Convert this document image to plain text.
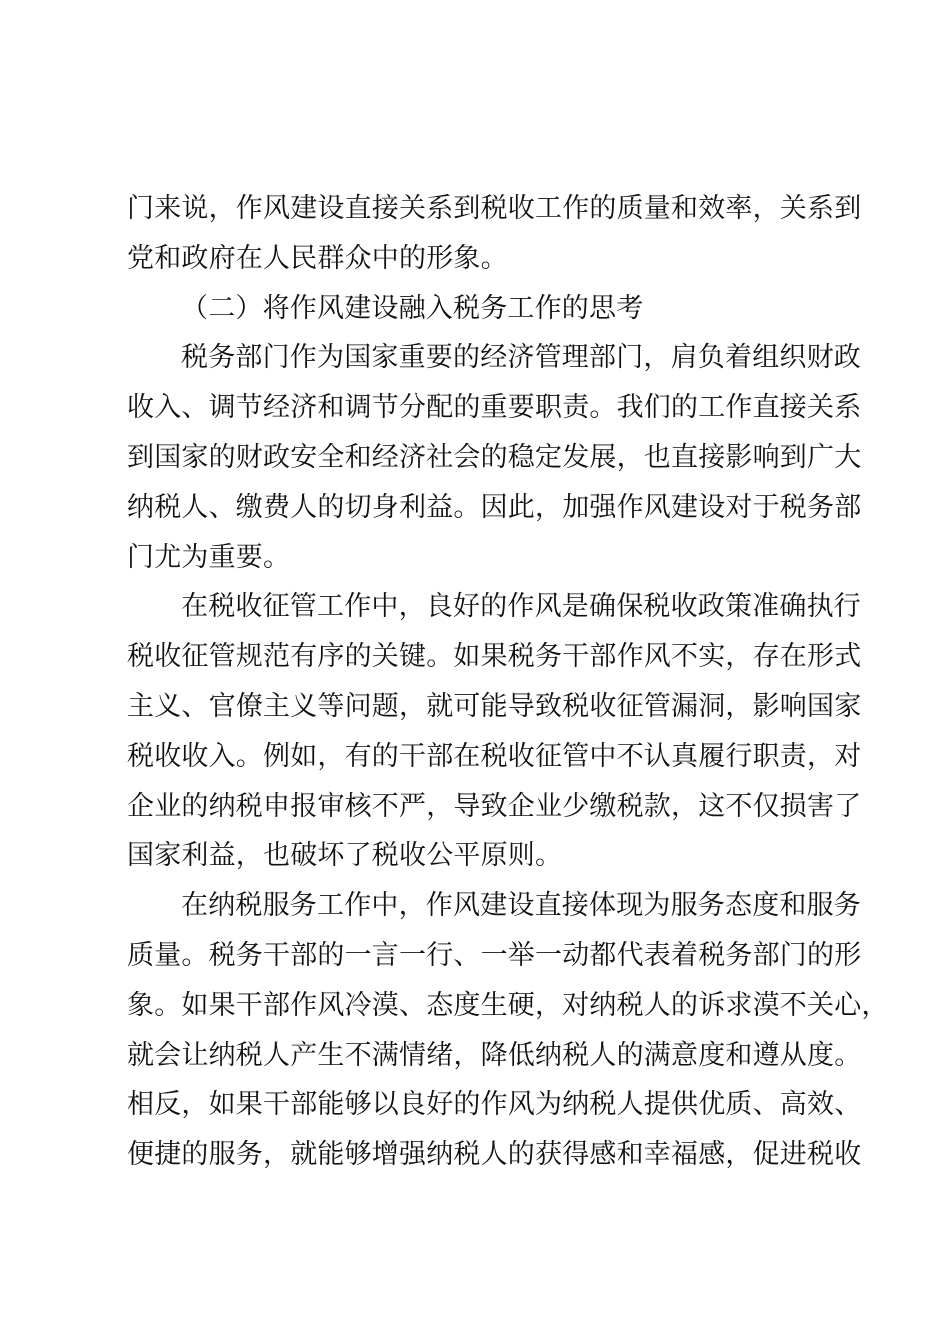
门来说，作风建设直接关系到税收工作的质量和效率，关系到
党和政府在人民群众中的形象。
（二）将作风建设融入税务工作的思考
税务部门作为国家重要的经济管理部门，肩负着组织财政
收入、调节经济和调节分配的重要职责。我们的工作直接关系
到国家的财政安全和经济社会的稳定发展，也直接影响到广大
纳税人、缴费人的切身利益。因此，加强作风建设对于税务部
门尤为重要。
在税收征管工作中，良好的作风是确保税收政策准确执行
税收征管规范有序的关键。如果税务干部作风不实，存在形式
主义、官僚主义等问题，就可能导致税收征管漏洞，影响国家
税收收入。例如，有的干部在税收征管中不认真履行职责，对
企业的纳税申报审核不严，导致企业少缴税款，这不仅损害了
国家利益，也破坏了税收公平原则。
在纳税服务工作中，作风建设直接体现为服务态度和服务
质量。税务干部的一言一行、一举一动都代表着税务部门的形
象。如果干部作风冷漠、态度生硬，对纳税人的诉求漠不关心，
就会让纳税人产生不满情绪，降低纳税人的满意度和遵从度。
相反，如果干部能够以良好的作风为纳税人提供优质、高效、
便捷的服务，就能够增强纳税人的获得感和幸福感，促进税收
